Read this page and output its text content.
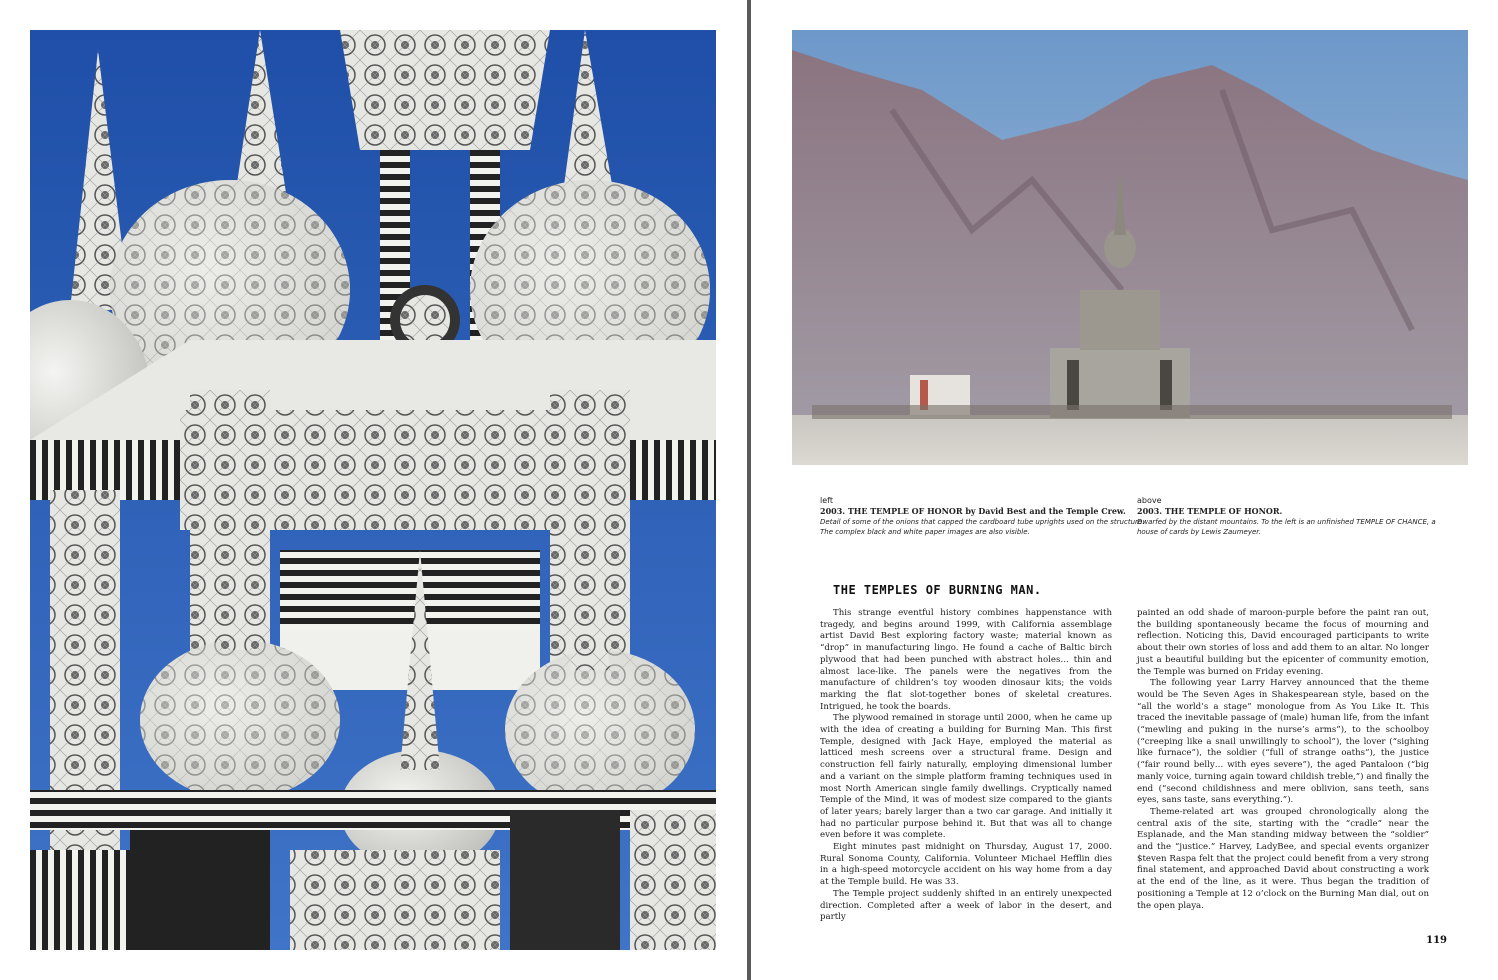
left
2003. THE TEMPLE OF HONOR by David Best and the Temple Crew.
Detail of some of the onions that capped the cardboard tube uprights used on the structure. The complex black and white paper images are also visible.
above
2003. THE TEMPLE OF HONOR.
Dwarfed by the distant mountains. To the left is an unfinished TEMPLE OF CHANCE, a house of cards by Lewis Zaumeyer.
THE TEMPLES OF BURNING MAN.

This strange eventful history combines happenstance with tragedy, and begins around 1999, with California assemblage artist David Best exploring factory waste; material known as “drop” in manufacturing lingo. He found a cache of Baltic birch plywood that had been punched with abstract holes… thin and almost lace-like. The panels were the negatives from the manufacture of children’s toy wooden dinosaur kits; the voids marking the flat slot-together bones of skeletal creatures. Intrigued, he took the boards.

The plywood remained in storage until 2000, when he came up with the idea of creating a building for Burning Man. This first Temple, designed with Jack Haye, employed the material as latticed mesh screens over a structural frame. Design and construction fell fairly naturally, employing dimensional lumber and a variant on the simple platform framing techniques used in most North American single family dwellings. Cryptically named Temple of the Mind, it was of modest size compared to the giants of later years; barely larger than a two car garage. And initially it had no particular purpose behind it. But that was all to change even before it was complete.

Eight minutes past midnight on Thursday, August 17, 2000. Rural Sonoma County, California. Volunteer Michael Hefflin dies in a high-speed motorcycle accident on his way home from a day at the Temple build. He was 33.

The Temple project suddenly shifted in an entirely unexpected direction. Completed after a week of labor in the desert, and partly

painted an odd shade of maroon-purple before the paint ran out, the building spontaneously became the focus of mourning and reflection. Noticing this, David encouraged participants to write about their own stories of loss and add them to an altar. No longer just a beautiful building but the epicenter of community emotion, the Temple was burned on Friday evening.

The following year Larry Harvey announced that the theme would be The Seven Ages in Shakespearean style, based on the “all the world’s a stage” monologue from As You Like It. This traced the inevitable passage of (male) human life, from the infant (“mewling and puking in the nurse’s arms”), to the schoolboy (“creeping like a snail unwillingly to school”), the lover (“sighing like furnace”), the soldier (“full of strange oaths”), the justice (“fair round belly… with eyes severe”), the aged Pantaloon (“big manly voice, turning again toward childish treble,”) and finally the end (“second childishness and mere oblivion, sans teeth, sans eyes, sans taste, sans everything.”).

Theme-related art was grouped chronologically along the central axis of the site, starting with the “cradle” near the Esplanade, and the Man standing midway between the “soldier” and the “justice.” Harvey, LadyBee, and special events organizer $teven Raspa felt that the project could benefit from a very strong final statement, and approached David about constructing a work at the end of the line, as it were. Thus began the tradition of positioning a Temple at 12 o’clock on the Burning Man dial, out on the open playa.

119
